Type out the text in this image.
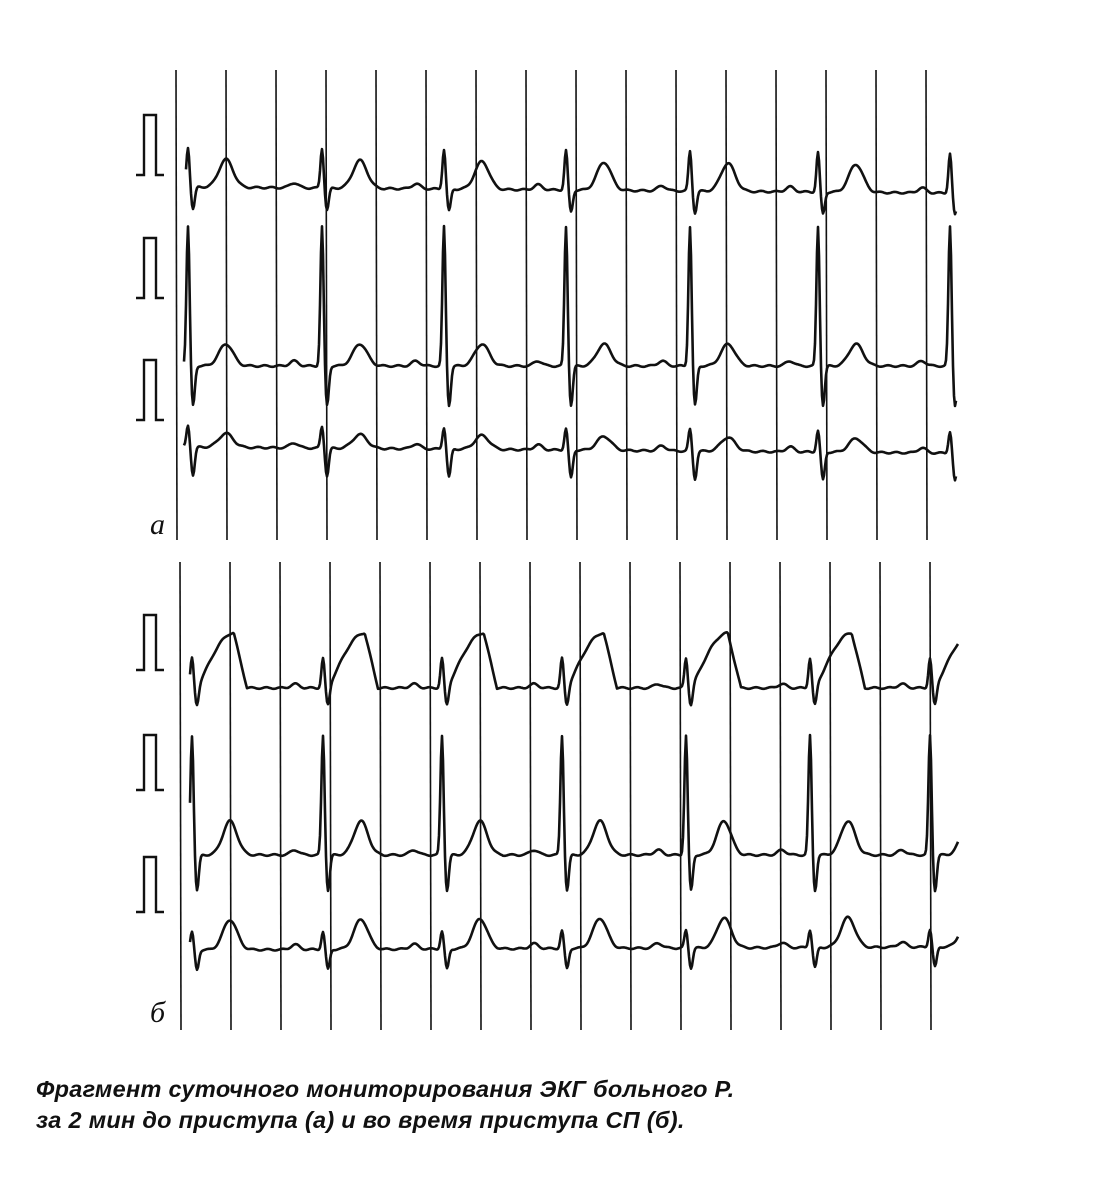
а
б
Фрагмент суточного мониторирования ЭКГ больного Р.
за 2 мин до приступа (а) и во время приступа СП (б).
